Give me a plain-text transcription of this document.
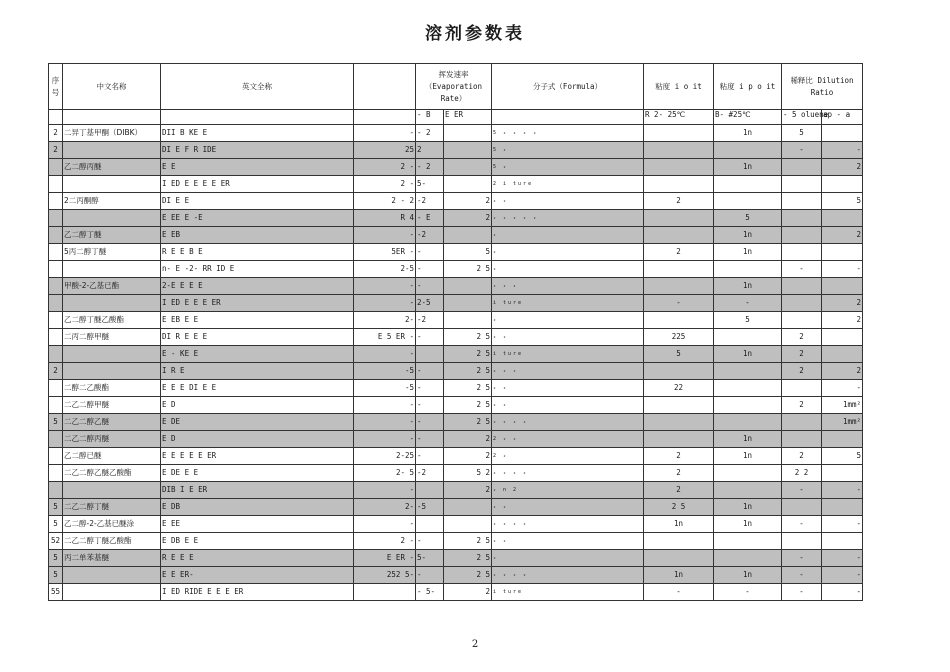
溶剂参数表
序号	中文名称	英文全称		挥发速率（Evaporation Rate）		分子式（Formula）	粘度 i o it	粘度 i p o it	稀释比 Dilution Ratio	
				- B	E ER		R 2- 25℃	B- #25℃	- 5 oluene	ap - a
2	二异丁基甲酮（DIBK）	DII B KE E	-	- 2		5 ₂ ₂ ₂ ₂		1n	5	
2		DI E F R IDE	25	2		5 ₂			-	-
	乙二醇丙醚	E E	2 -	- 2		5 ₂		1n		2
		I ED E E E E ER	2 -	5-		2 i ture				
	2二丙酮醇	DI E E	2 - 2	-2	2	₂ ₂	2			5
		E EE E -E	R 4	- E	2	₂ ₂ ₂ ₂ ₂		5		
	乙二醇丁醚	E EB	-	-2		₂		1n		2
	5丙二醇丁醚	R E E B E	5ER -	-	5	₂	2	1n		
		n- E -2- RR ID E	2-5	-	2 5	₂			-	-
	甲酸-2-乙基已酯	2-E E E E	-	-		₂ ₂ ₄		1n		
		I ED E E E ER	-	2-5		i ture	-	-		2
	乙二醇丁醚乙酸酯	E EB E E	2-	-2		₂		5		2
	二丙二醇甲醚	DI R E E E	E 5 ER -	-	2 5	₂ ₂	225		2	
		E - KE E	-		2 5	i ture	5	1n	2	
2		I R E	-5	-	2 5	₂ ₂ ₂			2	2
	二醇二乙酸酯	E E E DI E E	-5	-	2 5	₂ ₂	22			-
	二乙二醇甲醚	E D	-	-	2 5	₂ ₂			2	1mm²
5	二乙二醇乙醚	E DE	-	-	2 5	₂ ₅ ₂ ₂				1mm²
	二乙二醇丙醚	E D	-	-	2	2 ₂ ₂		1n		
	乙二醇已醚	E E E E E ER	2-25	-	2	2 ₂	2	1n	2	5
	二乙二醇乙醚乙酸酯	E DE E E	2- 5	-2	5 2	₂ ₂ ₂ ₂	2		2 2	
		DIB I E ER	-		2	₂ n 2	2		-	-
5	二乙二醇丁醚	E DB	2-	-5		₂ ₂	2 5	1n		
5	乙二醇-2-乙基已醚涂	E EE	-			₂ ₂ ₂ ₂	1n	1n	-	-
52	二乙二醇丁醚乙酸酯	E DB E E	2 -	-	2 5	₂ ₂				
5	丙二单苯基醚	R E E E	E ER -	5-	2 5	₂			-	-
5		E E ER-	252 5-	-	2 5	₂ ₂ ₂ ₂	1n	1n	-	-
55		I ED RIDE E E E ER		- 5-	2	i ture	-	-	-	-
2
